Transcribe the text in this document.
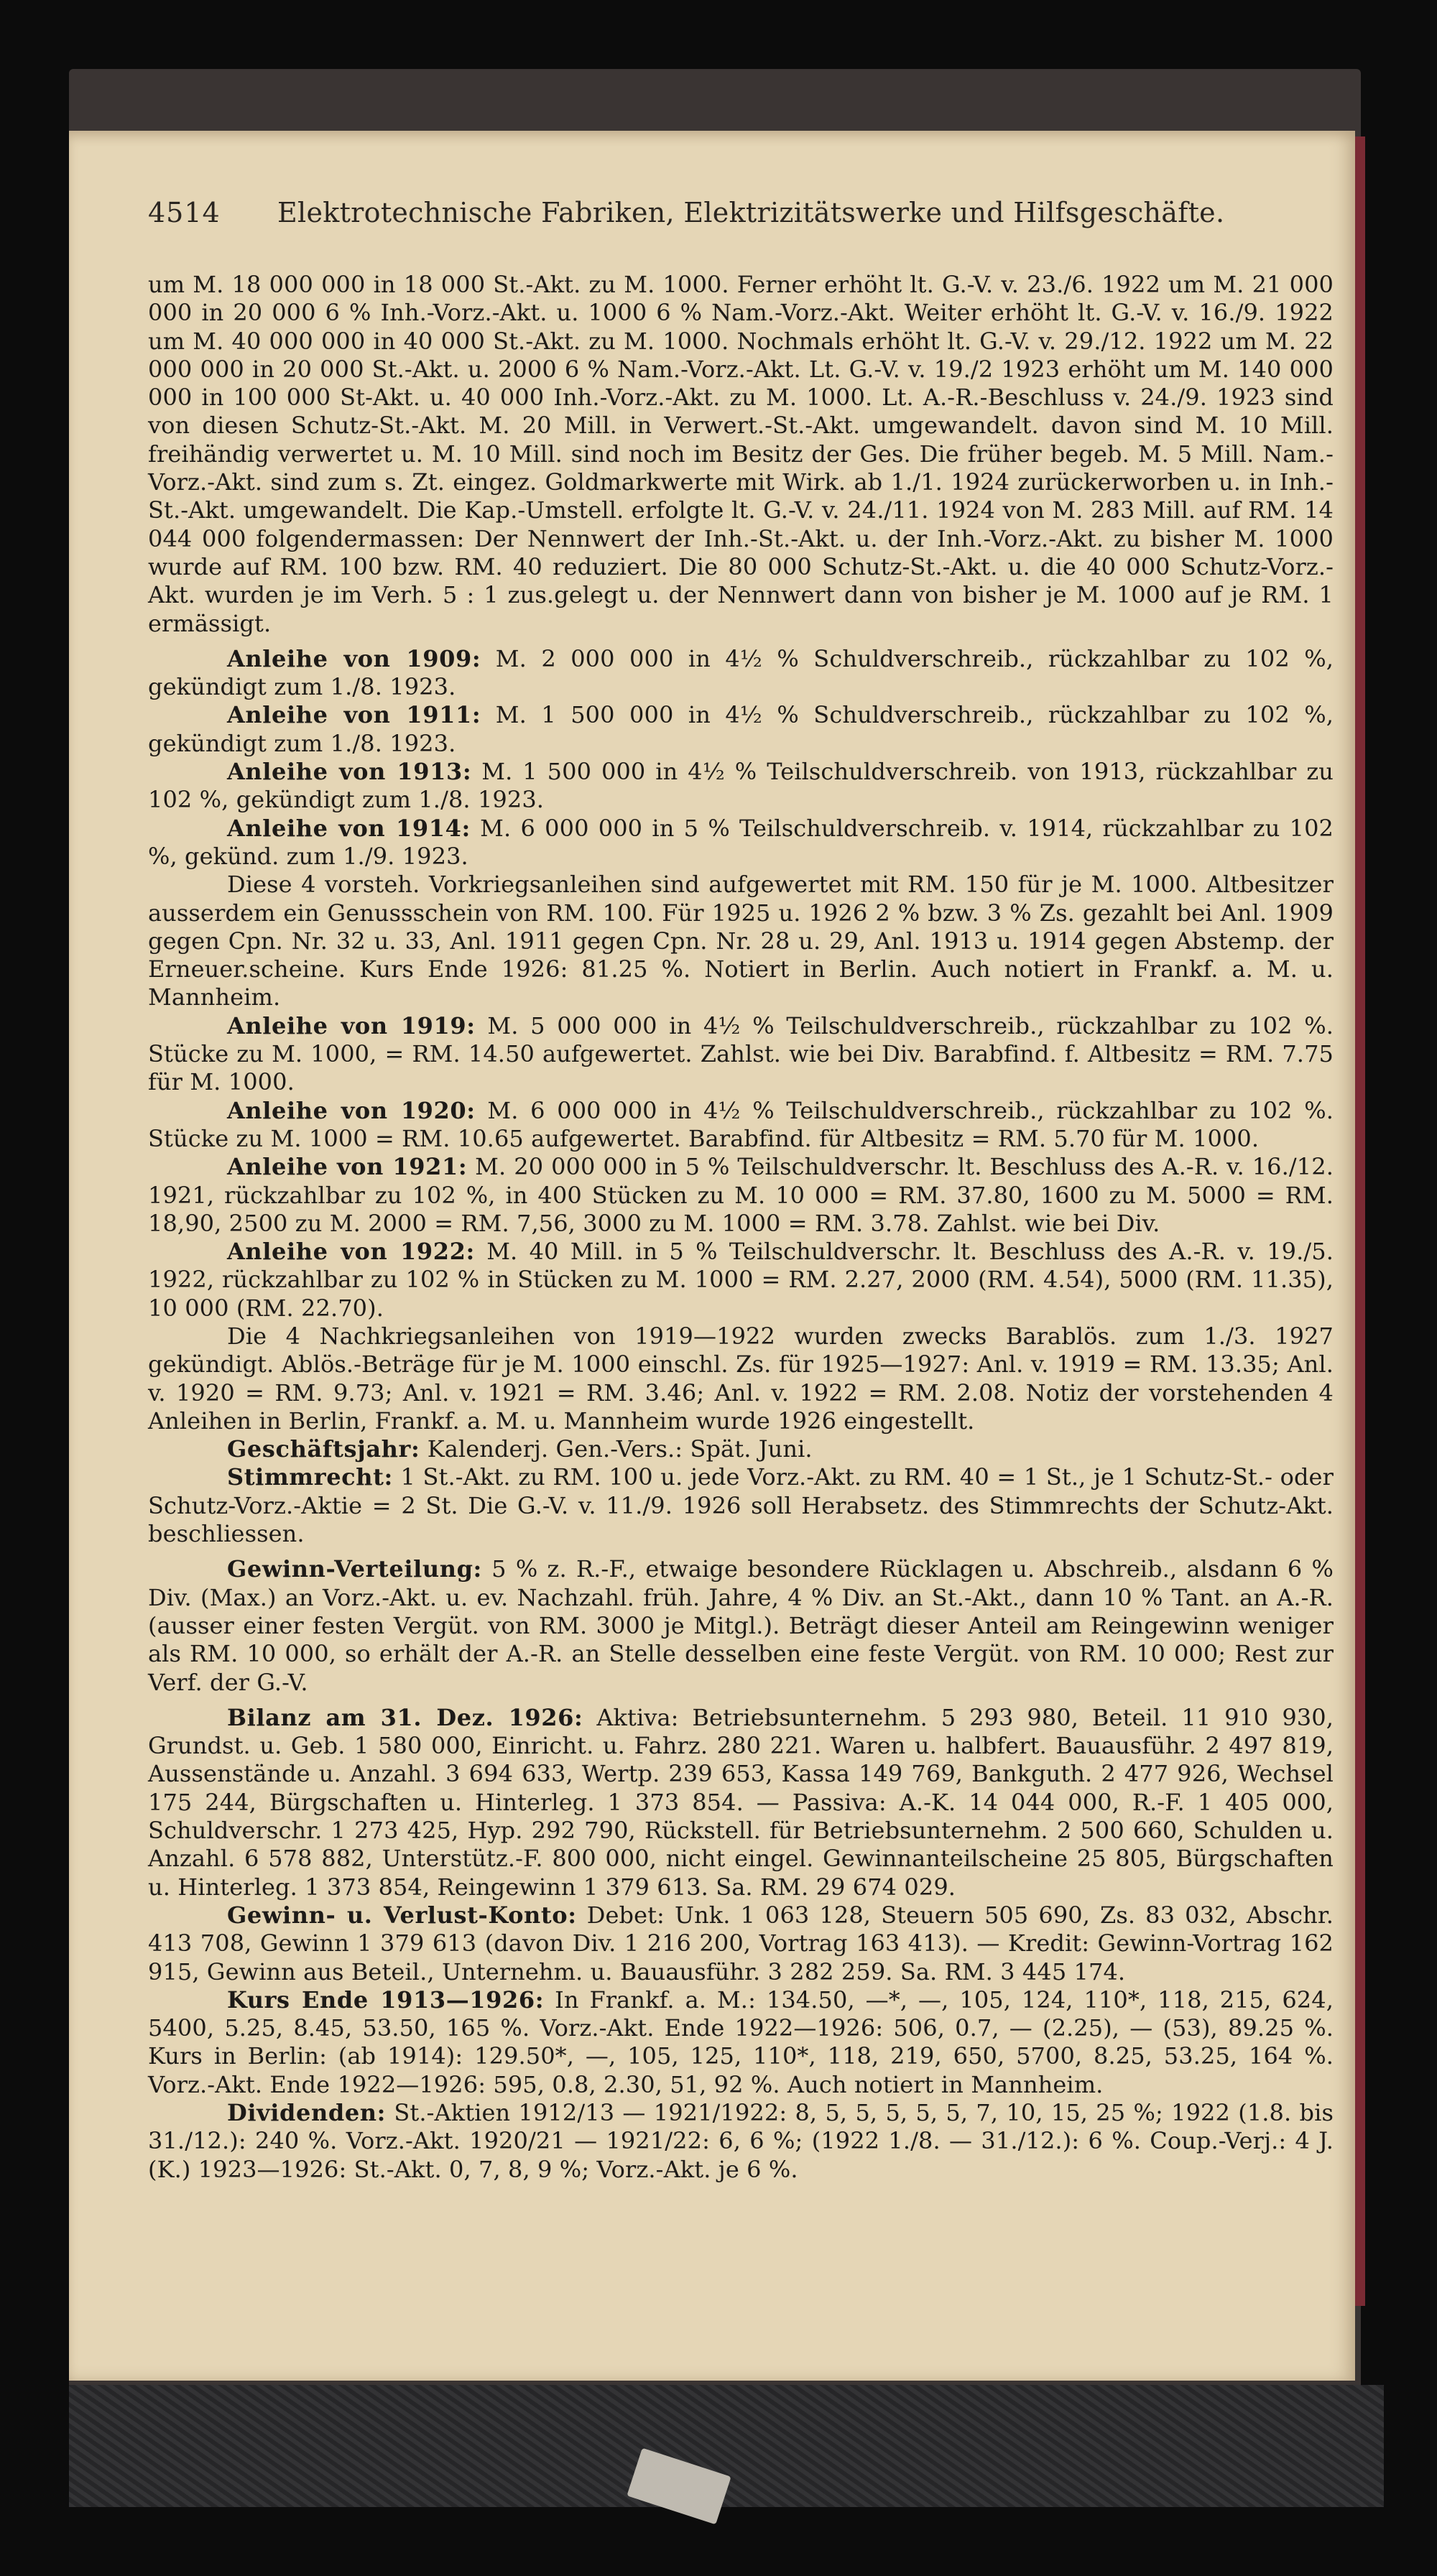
4514 Elektrotechnische Fabriken, Elektrizitätswerke und Hilfsgeschäfte.

um M. 18 000 000 in 18 000 St.-Akt. zu M. 1000. Ferner erhöht lt. G.-V. v. 23./6. 1922 um M. 21 000 000 in 20 000 6 % Inh.-Vorz.-Akt. u. 1000 6 % Nam.-Vorz.-Akt. Weiter erhöht lt. G.-V. v. 16./9. 1922 um M. 40 000 000 in 40 000 St.-Akt. zu M. 1000. Nochmals erhöht lt. G.-V. v. 29./12. 1922 um M. 22 000 000 in 20 000 St.-Akt. u. 2000 6 % Nam.-Vorz.-Akt. Lt. G.-V. v. 19./2 1923 erhöht um M. 140 000 000 in 100 000 St-Akt. u. 40 000 Inh.-Vorz.-Akt. zu M. 1000. Lt. A.-R.-Beschluss v. 24./9. 1923 sind von diesen Schutz-St.-Akt. M. 20 Mill. in Verwert.-St.-Akt. umgewandelt. davon sind M. 10 Mill. freihändig verwertet u. M. 10 Mill. sind noch im Besitz der Ges. Die früher begeb. M. 5 Mill. Nam.-Vorz.-Akt. sind zum s. Zt. eingez. Goldmarkwerte mit Wirk. ab 1./1. 1924 zurückerworben u. in Inh.-St.-Akt. umgewandelt. Die Kap.-Umstell. erfolgte lt. G.-V. v. 24./11. 1924 von M. 283 Mill. auf RM. 14 044 000 folgendermassen: Der Nennwert der Inh.-St.-Akt. u. der Inh.-Vorz.-Akt. zu bisher M. 1000 wurde auf RM. 100 bzw. RM. 40 reduziert. Die 80 000 Schutz-St.-Akt. u. die 40 000 Schutz-Vorz.-Akt. wurden je im Verh. 5 : 1 zus.gelegt u. der Nennwert dann von bisher je M. 1000 auf je RM. 1 ermässigt.

Anleihe von 1909: M. 2 000 000 in 4½ % Schuldverschreib., rückzahlbar zu 102 %, gekündigt zum 1./8. 1923.

Anleihe von 1911: M. 1 500 000 in 4½ % Schuldverschreib., rückzahlbar zu 102 %, gekündigt zum 1./8. 1923.

Anleihe von 1913: M. 1 500 000 in 4½ % Teilschuldverschreib. von 1913, rückzahlbar zu 102 %, gekündigt zum 1./8. 1923.

Anleihe von 1914: M. 6 000 000 in 5 % Teilschuldverschreib. v. 1914, rückzahlbar zu 102 %, gekünd. zum 1./9. 1923.

Diese 4 vorsteh. Vorkriegsanleihen sind aufgewertet mit RM. 150 für je M. 1000. Altbesitzer ausserdem ein Genussschein von RM. 100. Für 1925 u. 1926 2 % bzw. 3 % Zs. gezahlt bei Anl. 1909 gegen Cpn. Nr. 32 u. 33, Anl. 1911 gegen Cpn. Nr. 28 u. 29, Anl. 1913 u. 1914 gegen Abstemp. der Erneuer.scheine. Kurs Ende 1926: 81.25 %. Notiert in Berlin. Auch notiert in Frankf. a. M. u. Mannheim.

Anleihe von 1919: M. 5 000 000 in 4½ % Teilschuldverschreib., rückzahlbar zu 102 %. Stücke zu M. 1000, = RM. 14.50 aufgewertet. Zahlst. wie bei Div. Barabfind. f. Altbesitz = RM. 7.75 für M. 1000.

Anleihe von 1920: M. 6 000 000 in 4½ % Teilschuldverschreib., rückzahlbar zu 102 %. Stücke zu M. 1000 = RM. 10.65 aufgewertet. Barabfind. für Altbesitz = RM. 5.70 für M. 1000.

Anleihe von 1921: M. 20 000 000 in 5 % Teilschuldverschr. lt. Beschluss des A.-R. v. 16./12. 1921, rückzahlbar zu 102 %, in 400 Stücken zu M. 10 000 = RM. 37.80, 1600 zu M. 5000 = RM. 18,90, 2500 zu M. 2000 = RM. 7,56, 3000 zu M. 1000 = RM. 3.78. Zahlst. wie bei Div.

Anleihe von 1922: M. 40 Mill. in 5 % Teilschuldverschr. lt. Beschluss des A.-R. v. 19./5. 1922, rückzahlbar zu 102 % in Stücken zu M. 1000 = RM. 2.27, 2000 (RM. 4.54), 5000 (RM. 11.35), 10 000 (RM. 22.70).

Die 4 Nachkriegsanleihen von 1919—1922 wurden zwecks Barablös. zum 1./3. 1927 gekündigt. Ablös.-Beträge für je M. 1000 einschl. Zs. für 1925—1927: Anl. v. 1919 = RM. 13.35; Anl. v. 1920 = RM. 9.73; Anl. v. 1921 = RM. 3.46; Anl. v. 1922 = RM. 2.08. Notiz der vorstehenden 4 Anleihen in Berlin, Frankf. a. M. u. Mannheim wurde 1926 eingestellt.

Geschäftsjahr: Kalenderj. Gen.-Vers.: Spät. Juni.

Stimmrecht: 1 St.-Akt. zu RM. 100 u. jede Vorz.-Akt. zu RM. 40 = 1 St., je 1 Schutz-St.- oder Schutz-Vorz.-Aktie = 2 St. Die G.-V. v. 11./9. 1926 soll Herabsetz. des Stimmrechts der Schutz-Akt. beschliessen.

Gewinn-Verteilung: 5 % z. R.-F., etwaige besondere Rücklagen u. Abschreib., alsdann 6 % Div. (Max.) an Vorz.-Akt. u. ev. Nachzahl. früh. Jahre, 4 % Div. an St.-Akt., dann 10 % Tant. an A.-R. (ausser einer festen Vergüt. von RM. 3000 je Mitgl.). Beträgt dieser Anteil am Reingewinn weniger als RM. 10 000, so erhält der A.-R. an Stelle desselben eine feste Vergüt. von RM. 10 000; Rest zur Verf. der G.-V.

Bilanz am 31. Dez. 1926: Aktiva: Betriebsunternehm. 5 293 980, Beteil. 11 910 930, Grundst. u. Geb. 1 580 000, Einricht. u. Fahrz. 280 221. Waren u. halbfert. Bauausführ. 2 497 819, Aussenstände u. Anzahl. 3 694 633, Wertp. 239 653, Kassa 149 769, Bankguth. 2 477 926, Wechsel 175 244, Bürgschaften u. Hinterleg. 1 373 854. — Passiva: A.-K. 14 044 000, R.-F. 1 405 000, Schuldverschr. 1 273 425, Hyp. 292 790, Rückstell. für Betriebsunternehm. 2 500 660, Schulden u. Anzahl. 6 578 882, Unterstütz.-F. 800 000, nicht eingel. Gewinnanteilscheine 25 805, Bürgschaften u. Hinterleg. 1 373 854, Reingewinn 1 379 613. Sa. RM. 29 674 029.

Gewinn- u. Verlust-Konto: Debet: Unk. 1 063 128, Steuern 505 690, Zs. 83 032, Abschr. 413 708, Gewinn 1 379 613 (davon Div. 1 216 200, Vortrag 163 413). — Kredit: Gewinn-Vortrag 162 915, Gewinn aus Beteil., Unternehm. u. Bauausführ. 3 282 259. Sa. RM. 3 445 174.

Kurs Ende 1913—1926: In Frankf. a. M.: 134.50, —*, —, 105, 124, 110*, 118, 215, 624, 5400, 5.25, 8.45, 53.50, 165 %. Vorz.-Akt. Ende 1922—1926: 506, 0.7, — (2.25), — (53), 89.25 %. Kurs in Berlin: (ab 1914): 129.50*, —, 105, 125, 110*, 118, 219, 650, 5700, 8.25, 53.25, 164 %. Vorz.-Akt. Ende 1922—1926: 595, 0.8, 2.30, 51, 92 %. Auch notiert in Mannheim.

Dividenden: St.-Aktien 1912/13 — 1921/1922: 8, 5, 5, 5, 5, 5, 7, 10, 15, 25 %; 1922 (1.8. bis 31./12.): 240 %. Vorz.-Akt. 1920/21 — 1921/22: 6, 6 %; (1922 1./8. — 31./12.): 6 %. Coup.-Verj.: 4 J. (K.) 1923—1926: St.-Akt. 0, 7, 8, 9 %; Vorz.-Akt. je 6 %.
